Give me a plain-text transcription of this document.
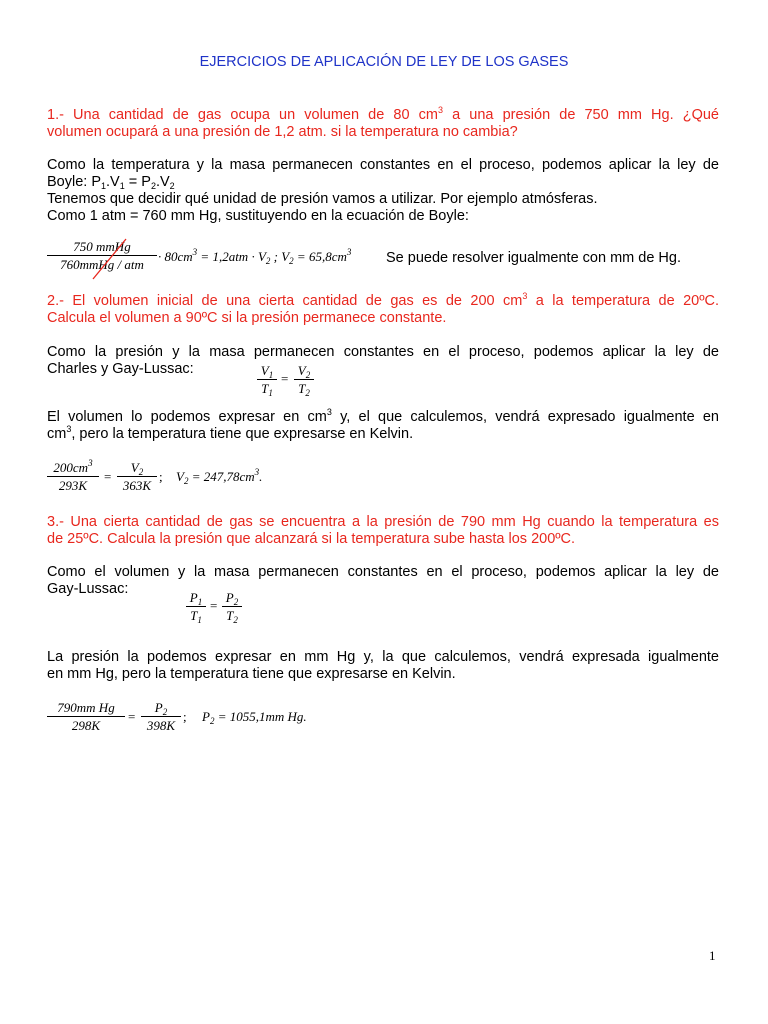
EJERCICIOS DE APLICACIÓN DE LEY DE LOS GASES
1.- Una cantidad de gas ocupa un volumen de 80 $cm^3$ a una presión de 750 mm Hg. ¿Qué
volumen ocupará a una presión de 1,2 atm. si la temperatura no cambia?
Como la temperatura y la masa permanecen constantes en el proceso, podemos aplicar la ley de
Boyle: $P_1.V_1 = P_2.V_2$
Tenemos que decidir qué unidad de presión vamos a utilizar. Por ejemplo atmósferas.
Como 1 atm = 760 mm Hg, sustituyendo en la ecuación de Boyle:
750 mmHg
760mmHg / atm
· $80cm^3 = 1,2atm \cdot V_2$ ; $V_2 = 65,8cm^3$ Se puede resolver igualmente con mm de Hg.
2.- El volumen inicial de una cierta cantidad de gas es de 200 $cm^3$ a la temperatura de 20ºC.
Calcula el volumen a 90ºC si la presión permanece constante.
Como la presión y la masa permanecen constantes en el proceso, podemos aplicar la ley de
Charles y Gay-Lussac:	$V_1$
$T_1$
=
$V_2$
$T_2$
El volumen lo podemos expresar en $cm^3$ y, el que calculemos, vendrá expresado igualmente en
$cm^3$, pero la temperatura tiene que expresarse en Kelvin.
$200cm^3$
293K
=
$V_2$
363K
; $V_2 = 247,78cm^3$.
3.- Una cierta cantidad de gas se encuentra a la presión de 790 mm Hg cuando la temperatura es
de 25ºC. Calcula la presión que alcanzará si la temperatura sube hasta los 200ºC.
Como el volumen y la masa permanecen constantes en el proceso, podemos aplicar la ley de
Gay-Lussac:
$P_1$
$T_1$
=
$P_2$
$T_2$
La presión la podemos expresar en mm Hg y, la que calculemos, vendrá expresada igualmente
en mm Hg, pero la temperatura tiene que expresarse en Kelvin.
790mm Hg
298K
=
$P_2$
398K
; $P_2 = 1055,1mm$ Hg.
1
